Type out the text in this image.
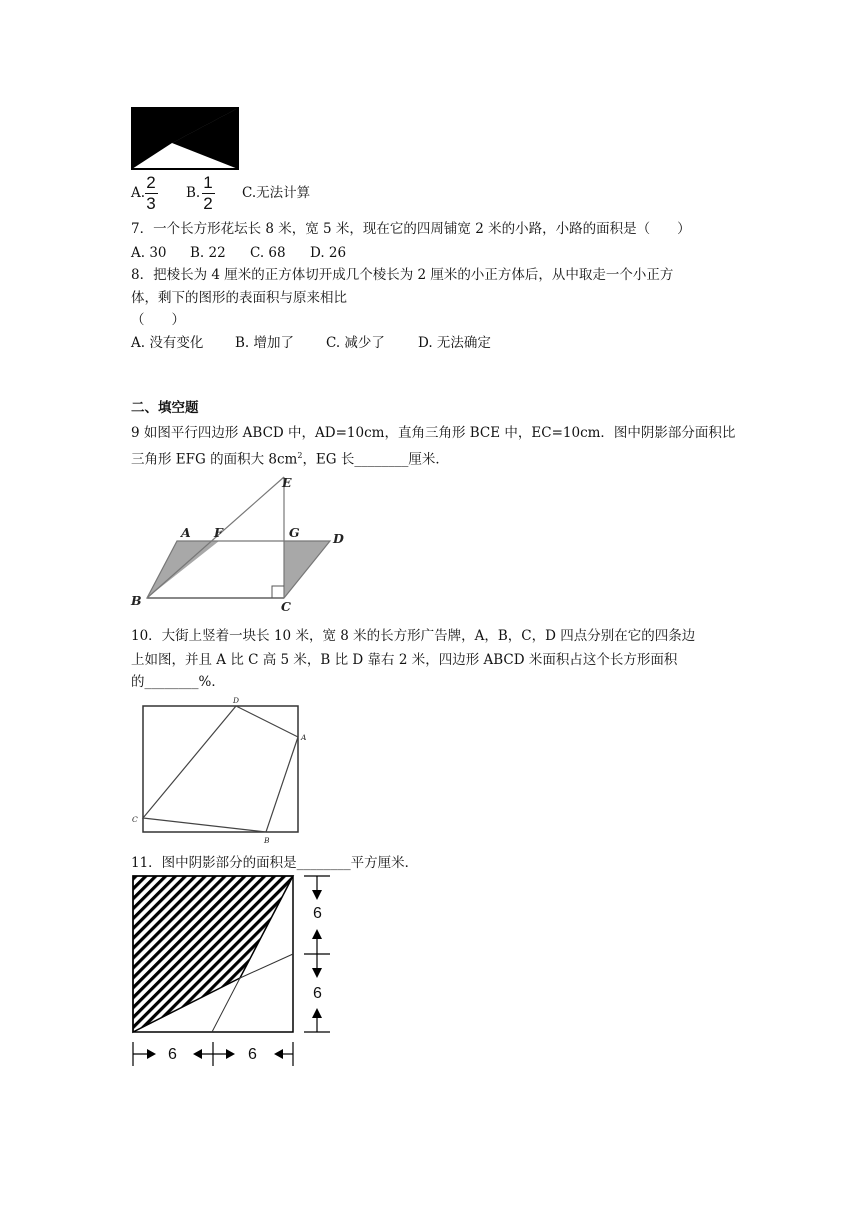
A.
2
3
B.
1
2
C.无法计算
7．一个长方形花坛长 8 米，宽 5 米，现在它的四周铺宽 2 米的小路，小路的面积是（　　）
A. 30 B. 22 C. 68 D. 26
8．把棱长为 4 厘米的正方体切开成几个棱长为 2 厘米的小正方体后，从中取走一个小正方
体，剩下的图形的表面积与原来相比
（　　）
A. 没有变化 B. 增加了 C. 减少了 D. 无法确定
二、填空题
9 如图平行四边形 ABCD 中，AD=10cm，直角三角形 BCE 中，EC=10cm．图中阴影部分面积比
三角形 EFG 的面积大 $8cm^2$，EG 长________厘米．
E
A F	G	D
B	C
10．大街上竖着一块长 10 米，宽 8 米的长方形广告牌，A，B，C，D 四点分别在它的四条边
上如图，并且 A 比 C 高 5 米，B 比 D 靠右 2 米，四边形 ABCD 米面积占这个长方形面积
的________%．
D
A
C
B
11．图中阴影部分的面积是________平方厘米．
6
6
6	6
